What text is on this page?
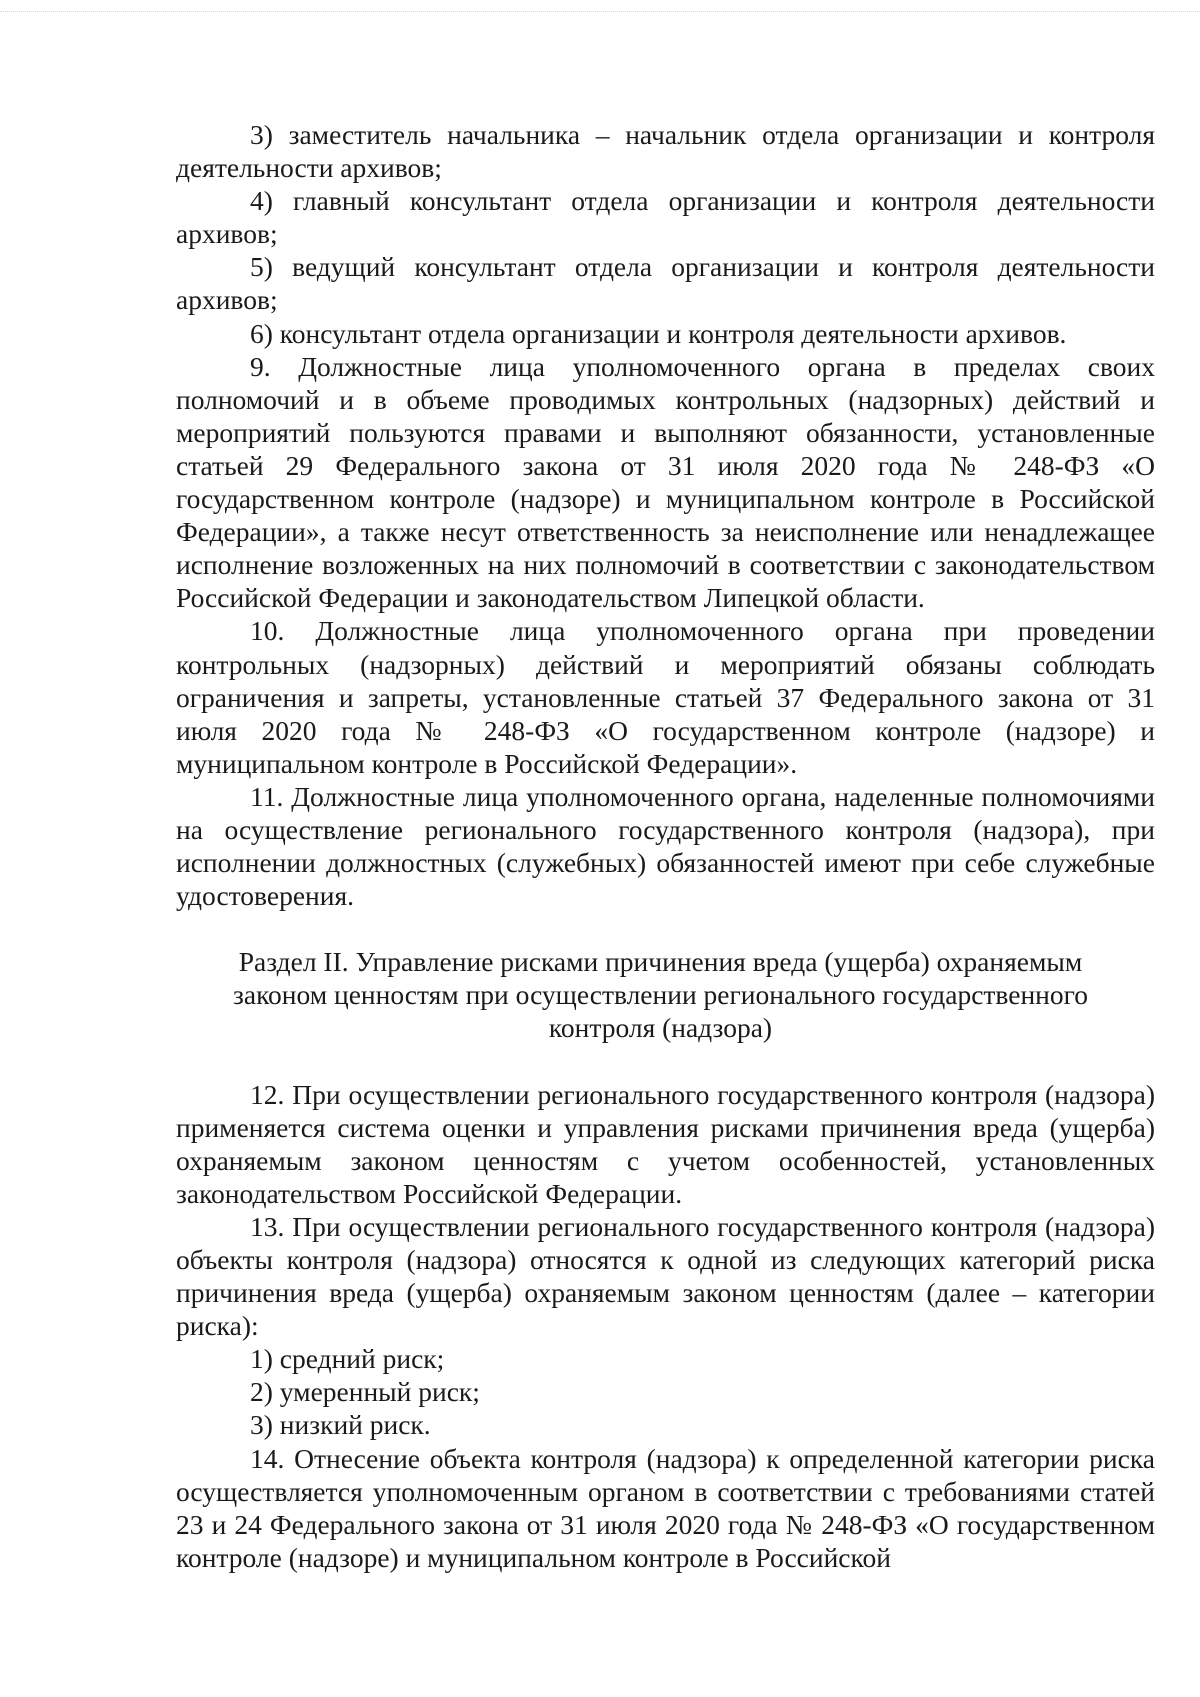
3) заместитель начальника – начальник отдела организации и контроля деятельности архивов;

4) главный консультант отдела организации и контроля деятельности архивов;

5) ведущий консультант отдела организации и контроля деятельности архивов;

6) консультант отдела организации и контроля деятельности архивов.

9. Должностные лица уполномоченного органа в пределах своих полномочий и в объеме проводимых контрольных (надзорных) действий и мероприятий пользуются правами и выполняют обязанности, установленные статьей 29 Федерального закона от 31 июля 2020 года № 248-ФЗ «О государственном контроле (надзоре) и муниципальном контроле в Российской Федерации», а также несут ответственность за неисполнение или ненадлежащее исполнение возложенных на них полномочий в соответствии с законодательством Российской Федерации и законодательством Липецкой области.

10. Должностные лица уполномоченного органа при проведении контрольных (надзорных) действий и мероприятий обязаны соблюдать ограничения и запреты, установленные статьей 37 Федерального закона от 31 июля 2020 года № 248-ФЗ «О государственном контроле (надзоре) и муниципальном контроле в Российской Федерации».

11. Должностные лица уполномоченного органа, наделенные полномочиями на осуществление регионального государственного контроля (надзора), при исполнении должностных (служебных) обязанностей имеют при себе служебные удостоверения.

Раздел II. Управление рисками причинения вреда (ущерба) охраняемым законом ценностям при осуществлении регионального государственного контроля (надзора)

12. При осуществлении регионального государственного контроля (надзора) применяется система оценки и управления рисками причинения вреда (ущерба) охраняемым законом ценностям с учетом особенностей, установленных законодательством Российской Федерации.

13. При осуществлении регионального государственного контроля (надзора) объекты контроля (надзора) относятся к одной из следующих категорий риска причинения вреда (ущерба) охраняемым законом ценностям (далее – категории риска):

1) средний риск;

2) умеренный риск;

3) низкий риск.

14. Отнесение объекта контроля (надзора) к определенной категории риска осуществляется уполномоченным органом в соответствии с требованиями статей 23 и 24 Федерального закона от 31 июля 2020 года № 248-ФЗ «О государственном контроле (надзоре) и муниципальном контроле в Российской
